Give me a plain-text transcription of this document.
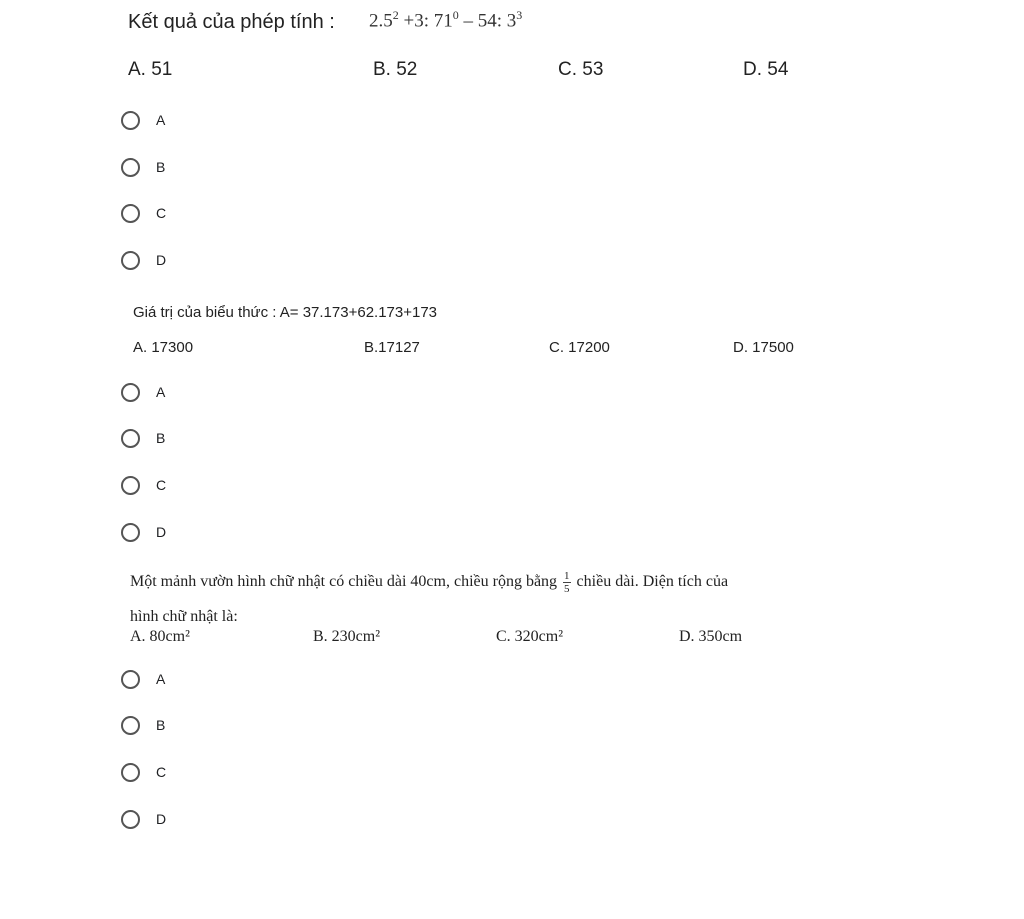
Kết quả của phép tính : $2.5^2 +3$: $71^0 - 54$: $3^3$
A. 51	B. 52	C. 53	D. 54
A
B
C
D
Giá trị của biểu thức : A= 37.173+62.173+173
A. 17300	B.17127	C. 17200	D. 17500
A
B
C
D
Một mảnh vườn hình chữ nhật có chiều dài 40cm, chiều rộng bằng $\frac{1}{5}$ chiều dài. Diện tích của
hình chữ nhật là:
A. 80cm²	B. 230cm²	C. 320cm²	D. 350cm
A
B
C
D
